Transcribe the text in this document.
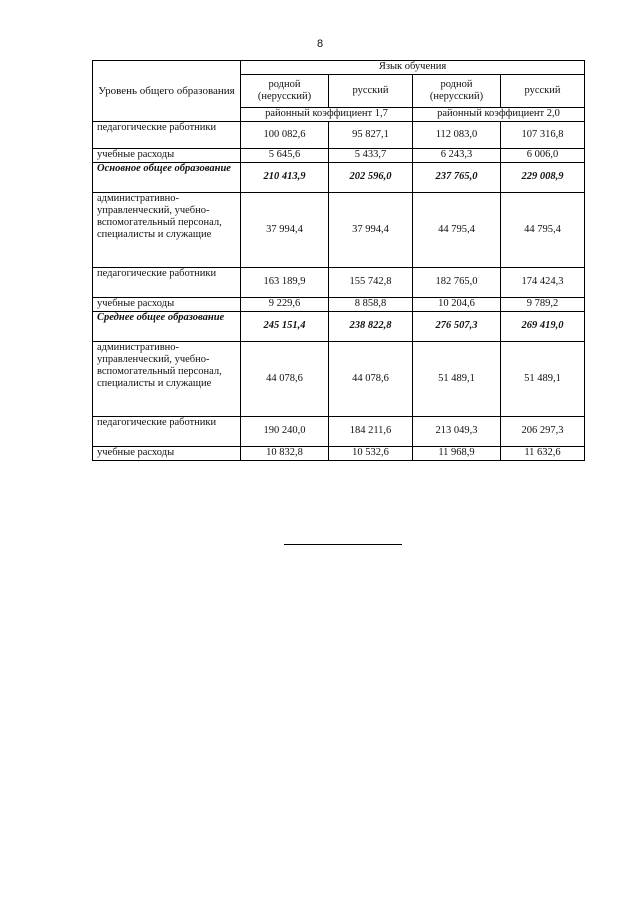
8
Уровень общего образования	Язык обучения			
	родной (нерусский)	русский	родной (нерусский)	русский
	районный коэффициент 1,7		районный коэффициент 2,0	
педагогические работники	100 082,6	95 827,1	112 083,0	107 316,8
учебные расходы	5 645,6	5 433,7	6 243,3	6 006,0
Основное общее образование	210 413,9	202 596,0	237 765,0	229 008,9
административно-управленческий, учебно-вспомогательный персонал, специалисты и служащие	37 994,4	37 994,4	44 795,4	44 795,4
педагогические работники	163 189,9	155 742,8	182 765,0	174 424,3
учебные расходы	9 229,6	8 858,8	10 204,6	9 789,2
Среднее общее образование	245 151,4	238 822,8	276 507,3	269 419,0
административно-управленческий, учебно-вспомогательный персонал, специалисты и служащие	44 078,6	44 078,6	51 489,1	51 489,1
педагогические работники	190 240,0	184 211,6	213 049,3	206 297,3
учебные расходы	10 832,8	10 532,6	11 968,9	11 632,6
